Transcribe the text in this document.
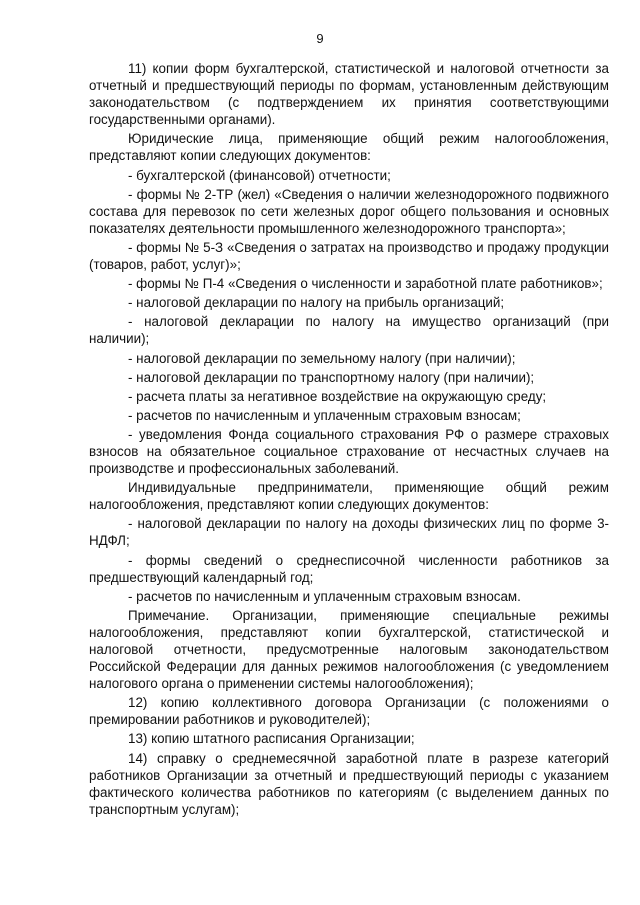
9

11) копии форм бухгалтерской, статистической и налоговой отчетности за отчетный и предшествующий периоды по формам, установленным действующим законодательством (с подтверждением их принятия соответствующими государственными органами).

Юридические лица, применяющие общий режим налогообложения, представляют копии следующих документов:

- бухгалтерской (финансовой) отчетности;

- формы № 2-ТР (жел) «Сведения о наличии железнодорожного подвижного состава для перевозок по сети железных дорог общего пользования и основных показателях деятельности промышленного железнодорожного транспорта»;

- формы № 5-З «Сведения о затратах на производство и продажу продукции (товаров, работ, услуг)»;

- формы № П-4 «Сведения о численности и заработной плате работников»;

- налоговой декларации по налогу на прибыль организаций;

- налоговой декларации по налогу на имущество организаций (при наличии);

- налоговой декларации по земельному налогу (при наличии);

- налоговой декларации по транспортному налогу (при наличии);

- расчета платы за негативное воздействие на окружающую среду;

- расчетов по начисленным и уплаченным страховым взносам;

- уведомления Фонда социального страхования РФ о размере страховых взносов на обязательное социальное страхование от несчастных случаев на производстве и профессиональных заболеваний.

Индивидуальные предприниматели, применяющие общий режим налогообложения, представляют копии следующих документов:

- налоговой декларации по налогу на доходы физических лиц по форме 3-НДФЛ;

- формы сведений о среднесписочной численности работников за предшествующий календарный год;

- расчетов по начисленным и уплаченным страховым взносам.

Примечание. Организации, применяющие специальные режимы налогообложения, представляют копии бухгалтерской, статистической и налоговой отчетности, предусмотренные налоговым законодательством Российской Федерации для данных режимов налогообложения (с уведомлением налогового органа о применении системы налогообложения);

12) копию коллективного договора Организации (с положениями о премировании работников и руководителей);

13) копию штатного расписания Организации;

14) справку о среднемесячной заработной плате в разрезе категорий работников Организации за отчетный и предшествующий периоды с указанием фактического количества работников по категориям (с выделением данных по транспортным услугам);
